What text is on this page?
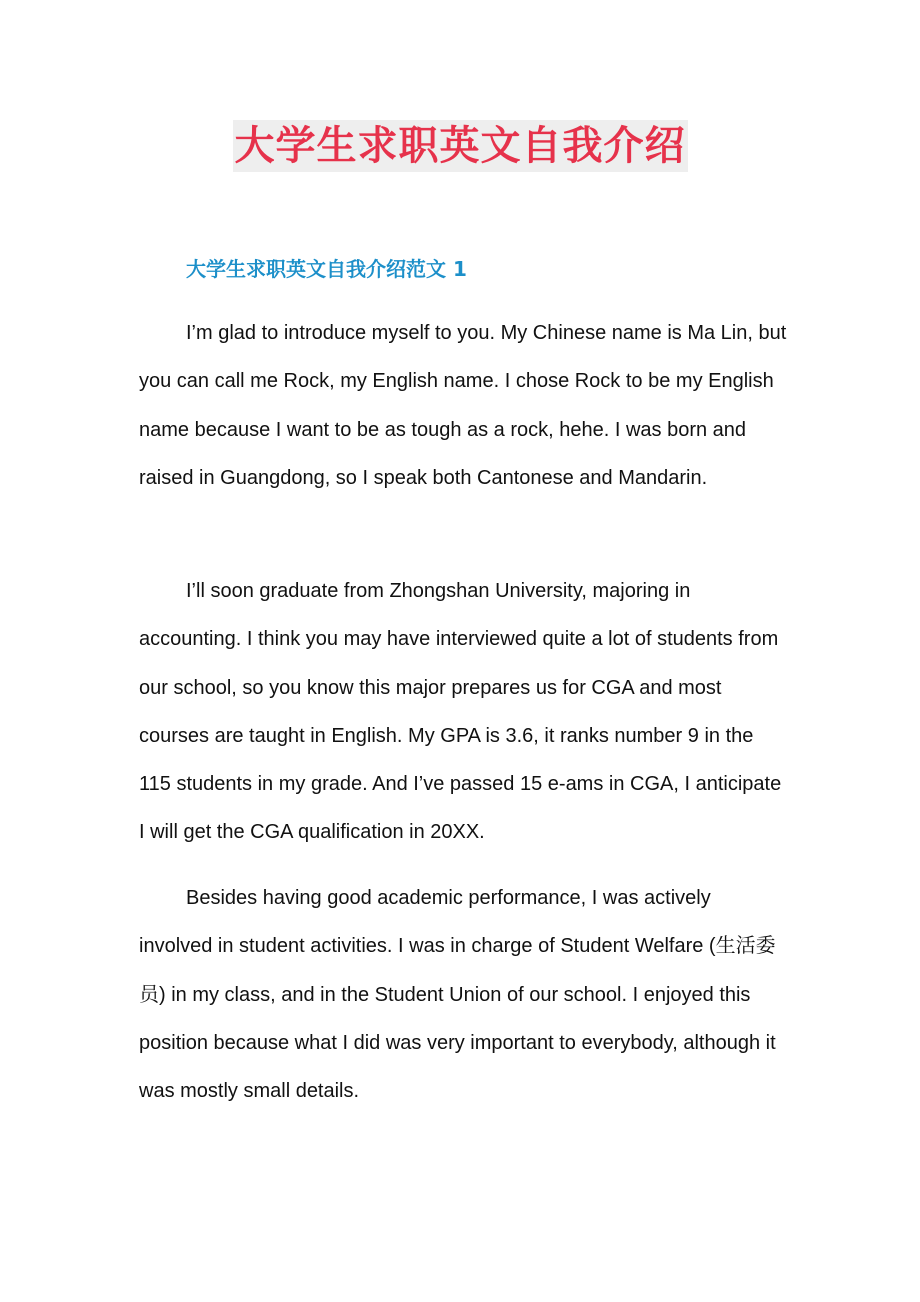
大学生求职英文自我介绍
大学生求职英文自我介绍范文 1

I’m glad to introduce myself to you. My Chinese name is Ma Lin, but you can call me Rock, my English name. I chose Rock to be my English name because I want to be as tough as a rock, hehe. I was born and raised in Guangdong, so I speak both Cantonese and Mandarin.

I’ll soon graduate from Zhongshan University, majoring in accounting. I think you may have interviewed quite a lot of students from our school, so you know this major prepares us for CGA and most courses are taught in English. My GPA is 3.6, it ranks number 9 in the 115 students in my grade. And I’ve passed 15 e-ams in CGA, I anticipate I will get the CGA qualification in 20XX.

Besides having good academic performance, I was actively involved in student activities. I was in charge of Student Welfare (生活委员) in my class, and in the Student Union of our school. I enjoyed this position because what I did was very important to everybody, although it was mostly small details.
